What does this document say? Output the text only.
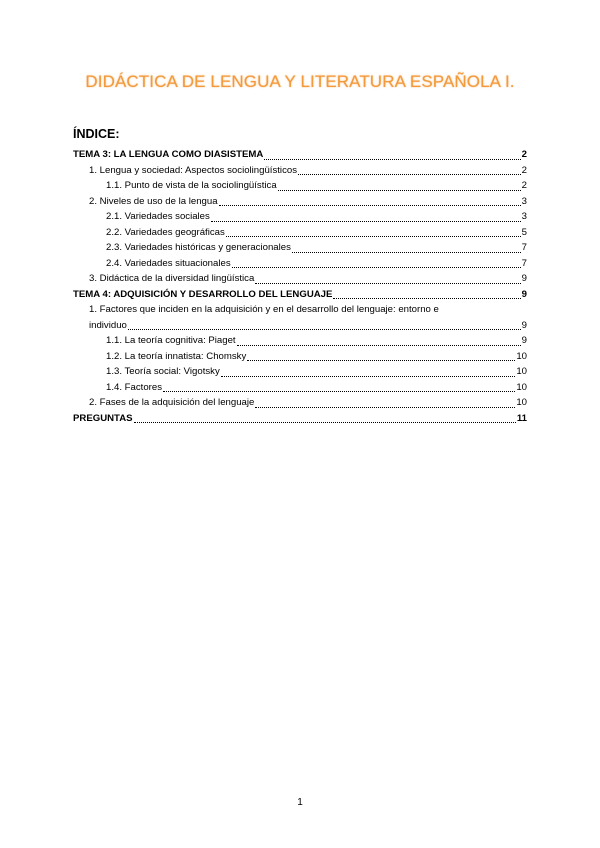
DIDÁCTICA DE LENGUA Y LITERATURA ESPAÑOLA I.
ÍNDICE:
TEMA 3: LA LENGUA COMO DIASISTEMA	2
1. Lengua y sociedad: Aspectos sociolingüísticos	2
1.1. Punto de vista de la sociolingüística	2
2. Niveles de uso de la lengua	3
2.1. Variedades sociales	3
2.2. Variedades geográficas	5
2.3. Variedades históricas y generacionales	7
2.4. Variedades situacionales	7
3. Didáctica de la diversidad lingüística	9
TEMA 4: ADQUISICIÓN Y DESARROLLO DEL LENGUAJE	9
1. Factores que inciden en la adquisición y en el desarrollo del lenguaje: entorno e
individuo	9
1.1. La teoría cognitiva: Piaget	9
1.2. La teoría innatista: Chomsky	10
1.3. Teoría social: Vigotsky	10
1.4. Factores	10
2. Fases de la adquisición del lenguaje	10
PREGUNTAS	11
1
